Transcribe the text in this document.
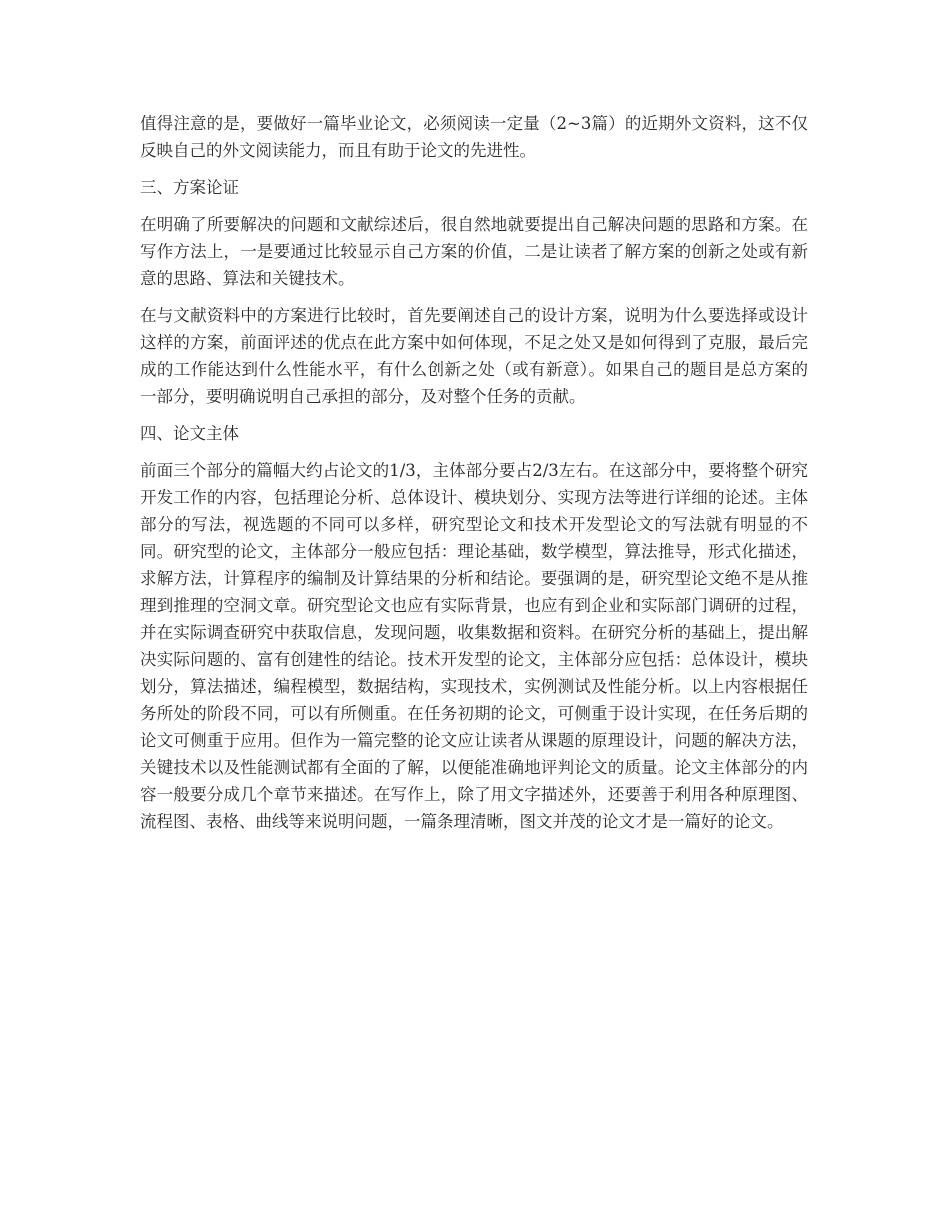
值得注意的是，要做好一篇毕业论文，必须阅读一定量（2~3篇）的近期外文资料，这不仅反映自己的外文阅读能力，而且有助于论文的先进性。

三、方案论证

在明确了所要解决的问题和文献综述后，很自然地就要提出自己解决问题的思路和方案。在写作方法上，一是要通过比较显示自己方案的价值，二是让读者了解方案的创新之处或有新意的思路、算法和关键技术。

在与文献资料中的方案进行比较时，首先要阐述自己的设计方案，说明为什么要选择或设计这样的方案，前面评述的优点在此方案中如何体现，不足之处又是如何得到了克服，最后完成的工作能达到什么性能水平，有什么创新之处（或有新意）。如果自己的题目是总方案的一部分，要明确说明自己承担的部分，及对整个任务的贡献。

四、论文主体

前面三个部分的篇幅大约占论文的1/3，主体部分要占2/3左右。在这部分中，要将整个研究开发工作的内容，包括理论分析、总体设计、模块划分、实现方法等进行详细的论述。主体部分的写法，视选题的不同可以多样，研究型论文和技术开发型论文的写法就有明显的不同。研究型的论文，主体部分一般应包括：理论基础，数学模型，算法推导，形式化描述，求解方法，计算程序的编制及计算结果的分析和结论。要强调的是，研究型论文绝不是从推理到推理的空洞文章。研究型论文也应有实际背景，也应有到企业和实际部门调研的过程，并在实际调查研究中获取信息，发现问题，收集数据和资料。在研究分析的基础上，提出解决实际问题的、富有创建性的结论。技术开发型的论文，主体部分应包括：总体设计，模块划分，算法描述，编程模型，数据结构，实现技术，实例测试及性能分析。以上内容根据任务所处的阶段不同，可以有所侧重。在任务初期的论文，可侧重于设计实现，在任务后期的论文可侧重于应用。但作为一篇完整的论文应让读者从课题的原理设计，问题的解决方法，关键技术以及性能测试都有全面的了解，以便能准确地评判论文的质量。论文主体部分的内容一般要分成几个章节来描述。在写作上，除了用文字描述外，还要善于利用各种原理图、流程图、表格、曲线等来说明问题，一篇条理清晰，图文并茂的论文才是一篇好的论文。
